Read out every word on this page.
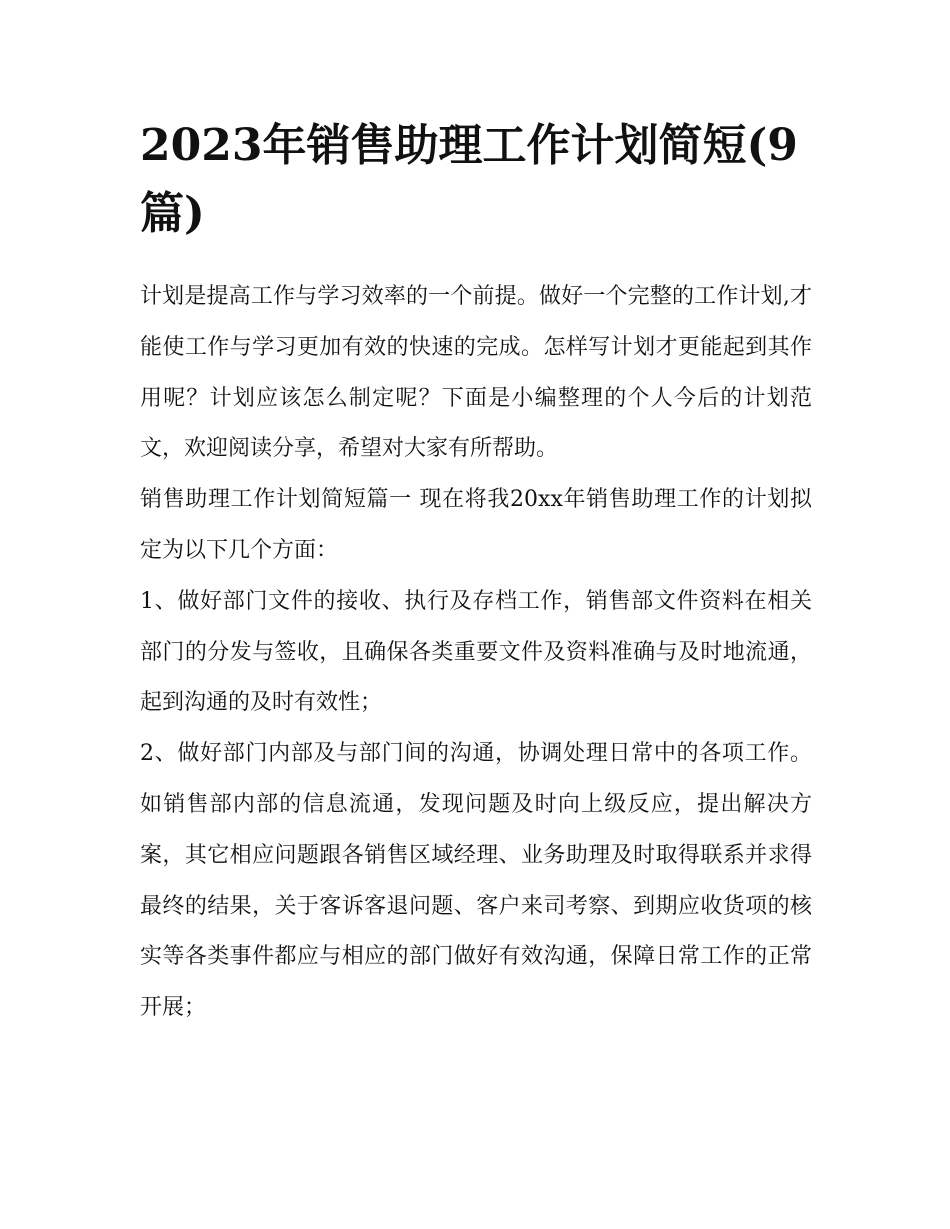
2023年销售助理工作计划简短(9篇)

计划是提高工作与学习效率的一个前提。做好一个完整的工作计划,才能使工作与学习更加有效的快速的完成。怎样写计划才更能起到其作用呢？计划应该怎么制定呢？下面是小编整理的个人今后的计划范文，欢迎阅读分享，希望对大家有所帮助。

销售助理工作计划简短篇一 现在将我20xx年销售助理工作的计划拟定为以下几个方面：

1、做好部门文件的接收、执行及存档工作，销售部文件资料在相关部门的分发与签收，且确保各类重要文件及资料准确与及时地流通，起到沟通的及时有效性；

2、做好部门内部及与部门间的沟通，协调处理日常中的各项工作。如销售部内部的信息流通，发现问题及时向上级反应，提出解决方案，其它相应问题跟各销售区域经理、业务助理及时取得联系并求得最终的结果，关于客诉客退问题、客户来司考察、到期应收货项的核实等各类事件都应与相应的部门做好有效沟通，保障日常工作的正常开展；
